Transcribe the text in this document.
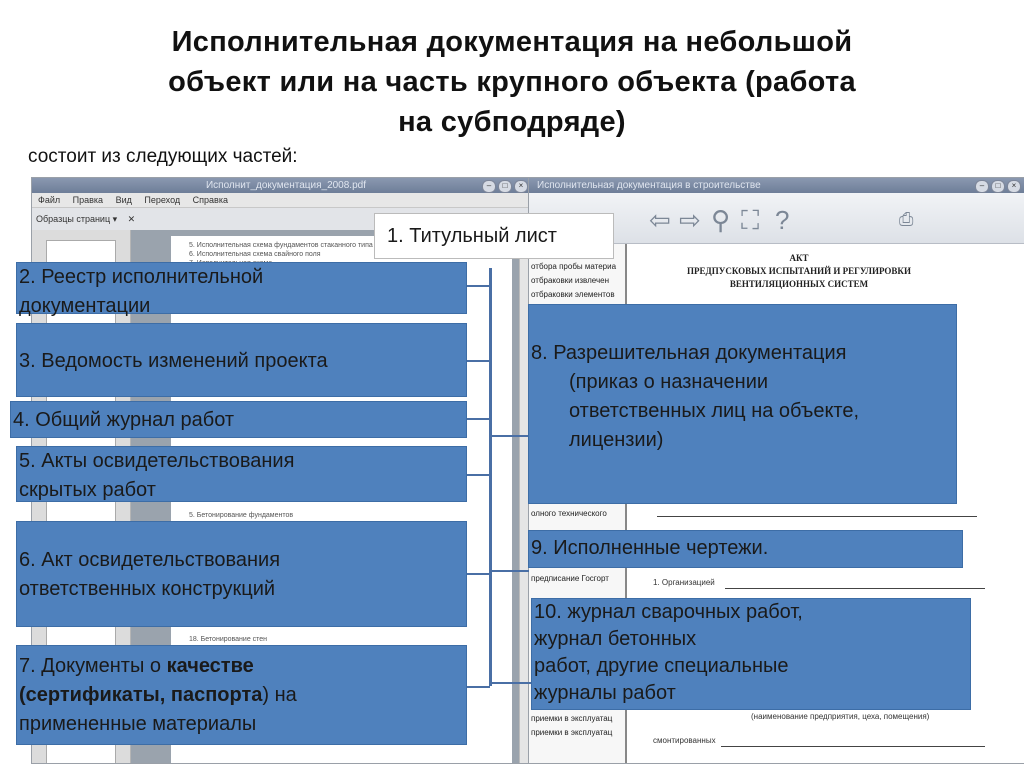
Исполнительная документация на небольшой
объект или на часть крупного объекта (работа
на субподряде)
состоит из следующих частей:
Исполнит_документация_2008.pdf	–	□	×
Файл Правка Вид Переход Справка
Образцы страниц ▾ ✕
5. Исполнительная схема фундаментов стаканного типа
6. Исполнительная схема свайного поля
5. Бетонирование фундаментов
18. Бетонирование стен
Исполнительная документация в строительстве	–	□	×
⇦ ⇨ ⚲ ⛶ ?	⎙
отбора пробы материа
отбраковки извлечен
отбраковки элементов
олного технического
предписание Госгорт
приемки в эксплуатац
приемки в эксплуатац
АКТ
ПРЕДПУСКОВЫХ ИСПЫТАНИЙ И РЕГУЛИРОВКИ ВЕНТИЛЯЦИОННЫХ СИСТЕМ
1. Организацией
(наименование предприятия, цеха, помещения)
смонтированных
1. Титульный лист
2. Реестр исполнительной
документации
3. Ведомость изменений проекта
4. Общий журнал работ
5. Акты освидетельствования
скрытых работ
6. Акт освидетельствования
ответственных конструкций
7. Документы о качестве
(сертификаты, паспорта) на
примененные материалы
8. Разрешительная документация
(приказ о назначении
ответственных лиц на объекте,
лицензии)
9. Исполненные чертежи.
10. журнал сварочных работ,
журнал бетонных
работ, другие специальные
журналы работ
